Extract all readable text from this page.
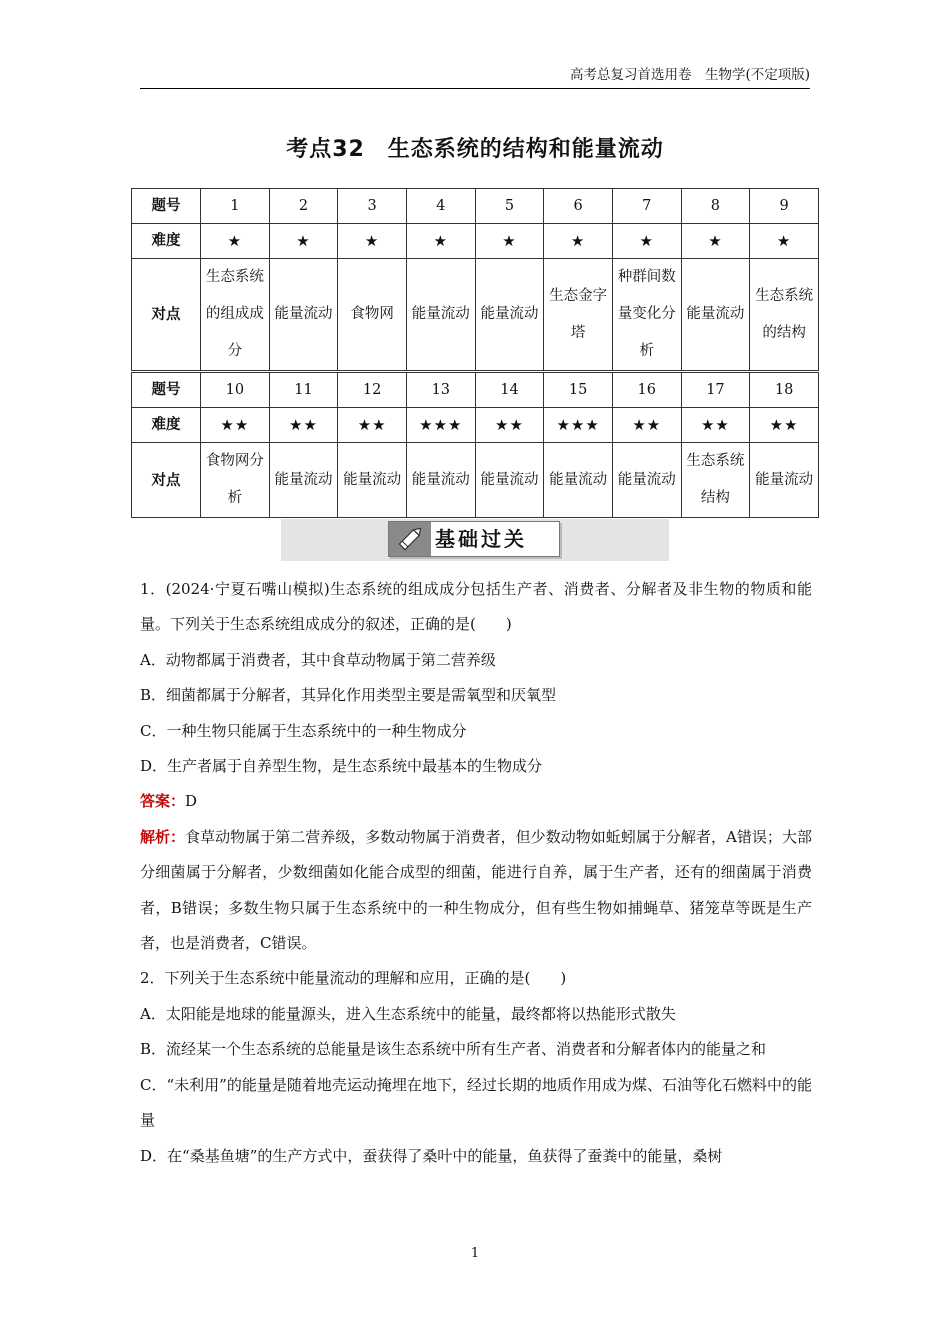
高考总复习首选用卷　生物学(不定项版)
考点32　生态系统的结构和能量流动
题号	1	2	3	4	5	6	7	8	9
难度	★	★	★	★	★	★	★	★	★
对点	生态系统的组成成分	能量流动	食物网	能量流动	能量流动	生态金字塔	种群间数量变化分析	能量流动	生态系统的结构
题号	10	11	12	13	14	15	16	17	18
难度	★★	★★	★★	★★★	★★	★★★	★★	★★	★★
对点	食物网分析	能量流动	能量流动	能量流动	能量流动	能量流动	能量流动	生态系统结构	能量流动
基础过关

1．(2024·宁夏石嘴山模拟)生态系统的组成成分包括生产者、消费者、分解者及非生物的物质和能量。下列关于生态系统组成成分的叙述，正确的是(　　)

A．动物都属于消费者，其中食草动物属于第二营养级

B．细菌都属于分解者，其异化作用类型主要是需氧型和厌氧型

C．一种生物只能属于生态系统中的一种生物成分

D．生产者属于自养型生物，是生态系统中最基本的生物成分

答案：D

解析：食草动物属于第二营养级，多数动物属于消费者，但少数动物如蚯蚓属于分解者，A错误；大部分细菌属于分解者，少数细菌如化能合成型的细菌，能进行自养，属于生产者，还有的细菌属于消费者，B错误；多数生物只属于生态系统中的一种生物成分，但有些生物如捕蝇草、猪笼草等既是生产者，也是消费者，C错误。

2．下列关于生态系统中能量流动的理解和应用，正确的是(　　)

A．太阳能是地球的能量源头，进入生态系统中的能量，最终都将以热能形式散失

B．流经某一个生态系统的总能量是该生态系统中所有生产者、消费者和分解者体内的能量之和

C．“未利用”的能量是随着地壳运动掩埋在地下，经过长期的地质作用成为煤、石油等化石燃料中的能量

D．在“桑基鱼塘”的生产方式中，蚕获得了桑叶中的能量，鱼获得了蚕粪中的能量，桑树

1
